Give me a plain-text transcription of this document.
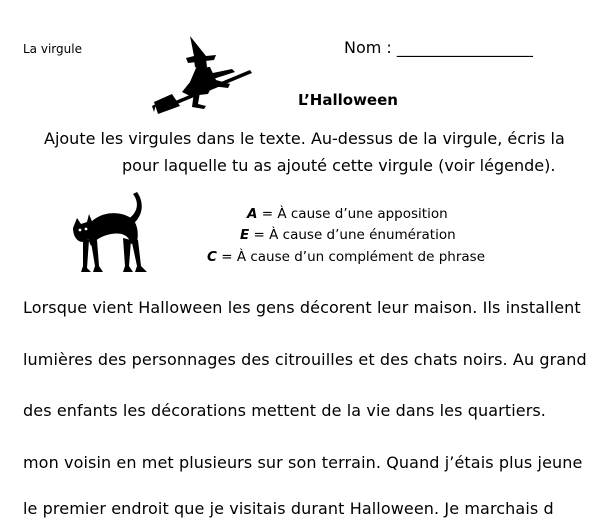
La virgule	Nom : _________________
L’Halloween
Ajoute les virgules dans le texte. Au-dessus de la virgule, écris la
pour laquelle tu as ajouté cette virgule (voir légende).
A = À cause d’une apposition
E = À cause d’une énumération
C = À cause d’un complément de phrase
Lorsque vient Halloween les gens décorent leur maison. Ils installent
lumières des personnages des citrouilles et des chats noirs. Au grand
des enfants les décorations mettent de la vie dans les quartiers.
mon voisin en met plusieurs sur son terrain. Quand j’étais plus jeune
le premier endroit que je visitais durant Halloween. Je marchais d
